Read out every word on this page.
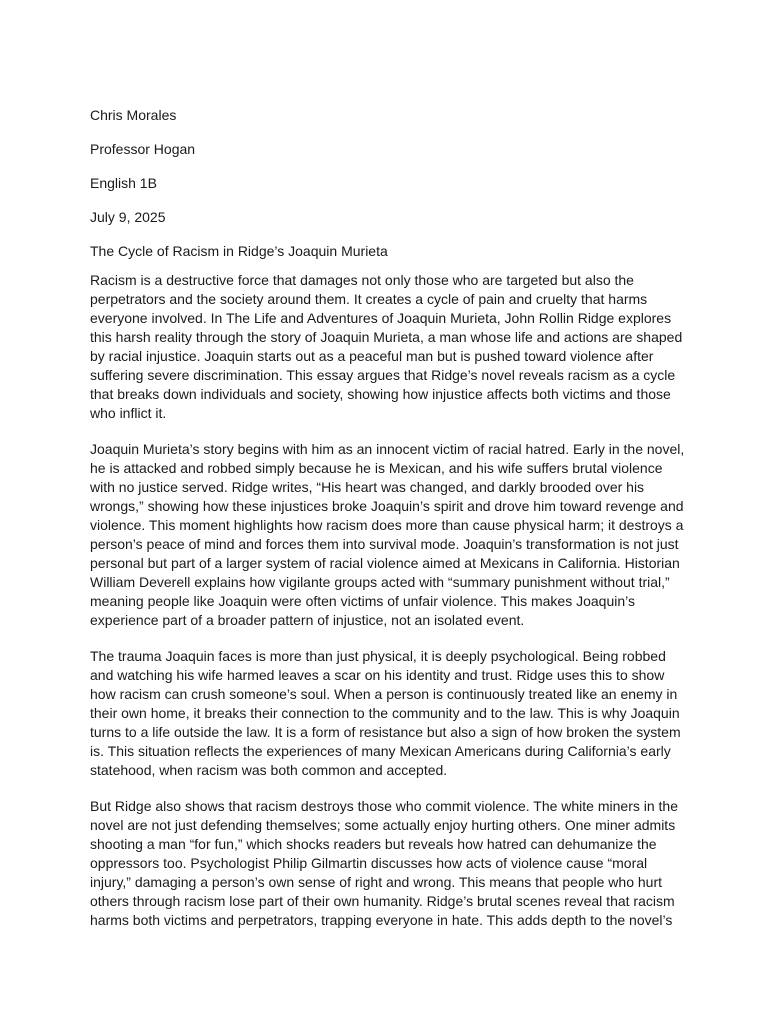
Chris Morales
Professor Hogan
English 1B
July 9, 2025
The Cycle of Racism in Ridge’s Joaquin Murieta
Racism is a destructive force that damages not only those who are targeted but also the
perpetrators and the society around them. It creates a cycle of pain and cruelty that harms
everyone involved. In The Life and Adventures of Joaquin Murieta, John Rollin Ridge explores
this harsh reality through the story of Joaquin Murieta, a man whose life and actions are shaped
by racial injustice. Joaquin starts out as a peaceful man but is pushed toward violence after
suffering severe discrimination. This essay argues that Ridge’s novel reveals racism as a cycle
that breaks down individuals and society, showing how injustice affects both victims and those
who inflict it.
Joaquin Murieta’s story begins with him as an innocent victim of racial hatred. Early in the novel,
he is attacked and robbed simply because he is Mexican, and his wife suffers brutal violence
with no justice served. Ridge writes, “His heart was changed, and darkly brooded over his
wrongs,” showing how these injustices broke Joaquin’s spirit and drove him toward revenge and
violence. This moment highlights how racism does more than cause physical harm; it destroys a
person’s peace of mind and forces them into survival mode. Joaquin’s transformation is not just
personal but part of a larger system of racial violence aimed at Mexicans in California. Historian
William Deverell explains how vigilante groups acted with “summary punishment without trial,”
meaning people like Joaquin were often victims of unfair violence. This makes Joaquin’s
experience part of a broader pattern of injustice, not an isolated event.
The trauma Joaquin faces is more than just physical, it is deeply psychological. Being robbed
and watching his wife harmed leaves a scar on his identity and trust. Ridge uses this to show
how racism can crush someone’s soul. When a person is continuously treated like an enemy in
their own home, it breaks their connection to the community and to the law. This is why Joaquin
turns to a life outside the law. It is a form of resistance but also a sign of how broken the system
is. This situation reflects the experiences of many Mexican Americans during California’s early
statehood, when racism was both common and accepted.
But Ridge also shows that racism destroys those who commit violence. The white miners in the
novel are not just defending themselves; some actually enjoy hurting others. One miner admits
shooting a man “for fun,” which shocks readers but reveals how hatred can dehumanize the
oppressors too. Psychologist Philip Gilmartin discusses how acts of violence cause “moral
injury,” damaging a person’s own sense of right and wrong. This means that people who hurt
others through racism lose part of their own humanity. Ridge’s brutal scenes reveal that racism
harms both victims and perpetrators, trapping everyone in hate. This adds depth to the novel’s
